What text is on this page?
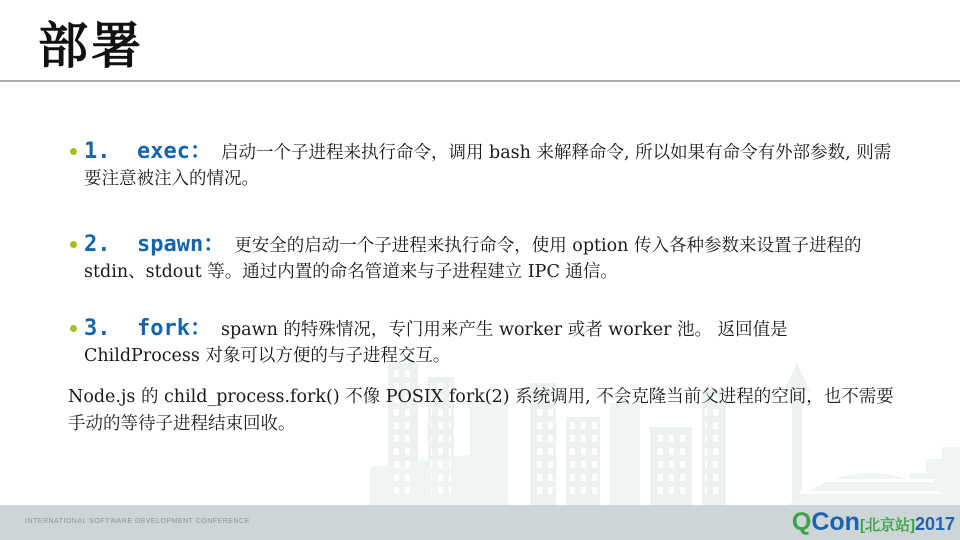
部署
1.  exec： 启动一个子进程来执行命令，调用 bash 来解释命令, 所以如果有命令有外部参数, 则需要注意被注入的情况。
2.  spawn： 更安全的启动一个子进程来执行命令，使用 option 传入各种参数来设置子进程的 stdin、stdout 等。通过内置的命名管道来与子进程建立 IPC 通信。
3.  fork： spawn 的特殊情况，专门用来产生 worker 或者 worker 池。 返回值是 ChildProcess 对象可以方便的与子进程交互。
Node.js 的 child_process.fork() 不像 POSIX fork(2) 系统调用, 不会克隆当前父进程的空间，也不需要手动的等待子进程结束回收。
INTERNATIONAL SOFTWARE DEVELOPMENT CONFERENCE	QCon[北京站]2017
